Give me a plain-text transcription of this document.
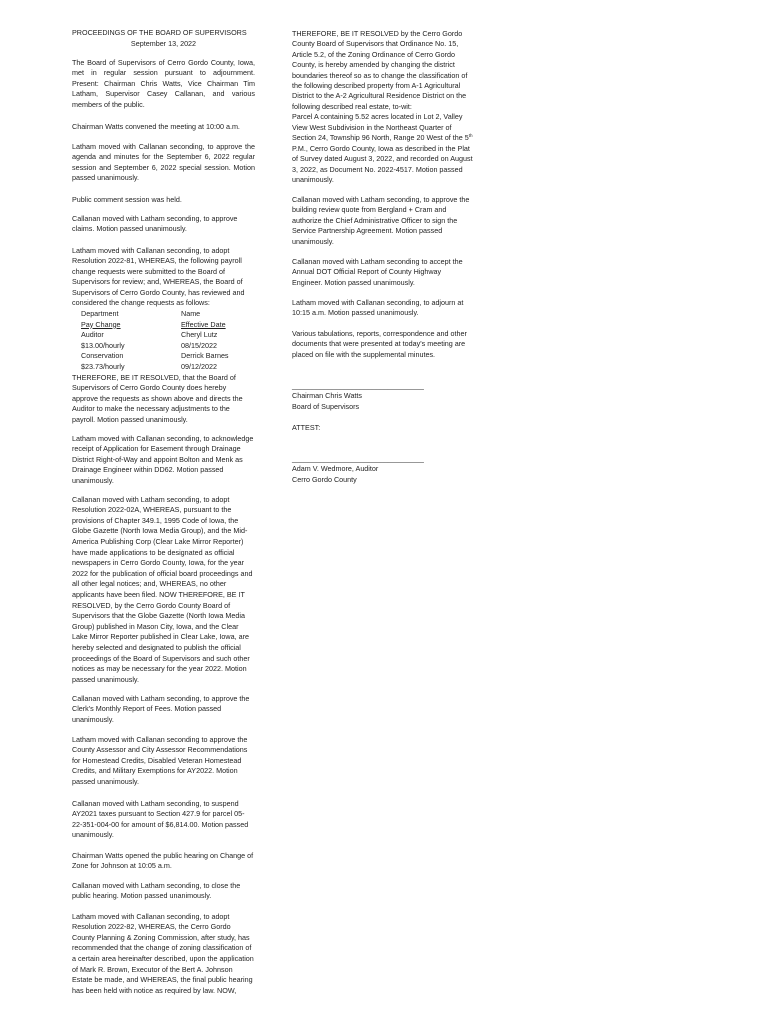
PROCEEDINGS OF THE BOARD OF SUPERVISORS
September 13, 2022
The Board of Supervisors of Cerro Gordo County, Iowa,
met in regular session pursuant to adjournment.
Present: Chairman Chris Watts, Vice Chairman Tim
Latham, Supervisor Casey Callanan, and various
members of the public.
Chairman Watts convened the meeting at 10:00 a.m.
Latham moved with Callanan seconding, to approve the
agenda and minutes for the September 6, 2022 regular
session and September 6, 2022 special session. Motion
passed unanimously.
Public comment session was held.
Callanan moved with Latham seconding, to approve
claims. Motion passed unanimously.
Latham moved with Callanan seconding, to adopt
Resolution 2022-81, WHEREAS, the following payroll
change requests were submitted to the Board of
Supervisors for review; and, WHEREAS, the Board of
Supervisors of Cerro Gordo County, has reviewed and
considered the change requests as follows:
Department	Name
Pay Change	Effective Date
Auditor	Cheryl Lutz
$13.00/hourly	08/15/2022
Conservation	Derrick Barnes
$23.73/hourly	09/12/2022
THEREFORE, BE IT RESOLVED, that the Board of
Supervisors of Cerro Gordo County does hereby
approve the requests as shown above and directs the
Auditor to make the necessary adjustments to the
payroll. Motion passed unanimously.
Latham moved with Callanan seconding, to acknowledge
receipt of Application for Easement through Drainage
District Right-of-Way and appoint Bolton and Menk as
Drainage Engineer within DD62. Motion passed
unanimously.
Callanan moved with Latham seconding, to adopt
Resolution 2022-02A, WHEREAS, pursuant to the
provisions of Chapter 349.1, 1995 Code of Iowa, the
Globe Gazette (North Iowa Media Group), and the Mid-
America Publishing Corp (Clear Lake Mirror Reporter)
have made applications to be designated as official
newspapers in Cerro Gordo County, Iowa, for the year
2022 for the publication of official board proceedings and
all other legal notices; and, WHEREAS, no other
applicants have been filed. NOW THEREFORE, BE IT
RESOLVED, by the Cerro Gordo County Board of
Supervisors that the Globe Gazette (North Iowa Media
Group) published in Mason City, Iowa, and the Clear
Lake Mirror Reporter published in Clear Lake, Iowa, are
hereby selected and designated to publish the official
proceedings of the Board of Supervisors and such other
notices as may be necessary for the year 2022. Motion
passed unanimously.
Callanan moved with Latham seconding, to approve the
Clerk's Monthly Report of Fees. Motion passed
unanimously.
Latham moved with Callanan seconding to approve the
County Assessor and City Assessor Recommendations
for Homestead Credits, Disabled Veteran Homestead
Credits, and Military Exemptions for AY2022. Motion
passed unanimously.
Callanan moved with Latham seconding, to suspend
AY2021 taxes pursuant to Section 427.9 for parcel 05-
22-351-004-00 for amount of $6,814.00. Motion passed
unanimously.
Chairman Watts opened the public hearing on Change of
Zone for Johnson at 10:05 a.m.
Callanan moved with Latham seconding, to close the
public hearing. Motion passed unanimously.
Latham moved with Callanan seconding, to adopt
Resolution 2022-82, WHEREAS, the Cerro Gordo
County Planning & Zoning Commission, after study, has
recommended that the change of zoning classification of
a certain area hereinafter described, upon the application
of Mark R. Brown, Executor of the Bert A. Johnson
Estate be made, and WHEREAS, the final public hearing
has been held with notice as required by law. NOW,
THEREFORE, BE IT RESOLVED by the Cerro Gordo
County Board of Supervisors that Ordinance No. 15,
Article 5.2, of the Zoning Ordinance of Cerro Gordo
County, is hereby amended by changing the district
boundaries thereof so as to change the classification of
the following described property from A-1 Agricultural
District to the A-2 Agricultural Residence District on the
following described real estate, to-wit:
Parcel A containing 5.52 acres located in Lot 2, Valley
View West Subdivision in the Northeast Quarter of
Section 24, Township 96 North, Range 20 West of the 5th
P.M., Cerro Gordo County, Iowa as described in the Plat
of Survey dated August 3, 2022, and recorded on August
3, 2022, as Document No. 2022-4517. Motion passed
unanimously.
Callanan moved with Latham seconding, to approve the
building review quote from Bergland + Cram and
authorize the Chief Administrative Officer to sign the
Service Partnership Agreement. Motion passed
unanimously.
Callanan moved with Latham seconding to accept the
Annual DOT Official Report of County Highway
Engineer. Motion passed unanimously.
Latham moved with Callanan seconding, to adjourn at
10:15 a.m. Motion passed unanimously.
Various tabulations, reports, correspondence and other
documents that were presented at today's meeting are
placed on file with the supplemental minutes.
_________________________________
Chairman Chris Watts
Board of Supervisors
ATTEST:
_________________________________
Adam V. Wedmore, Auditor
Cerro Gordo County
